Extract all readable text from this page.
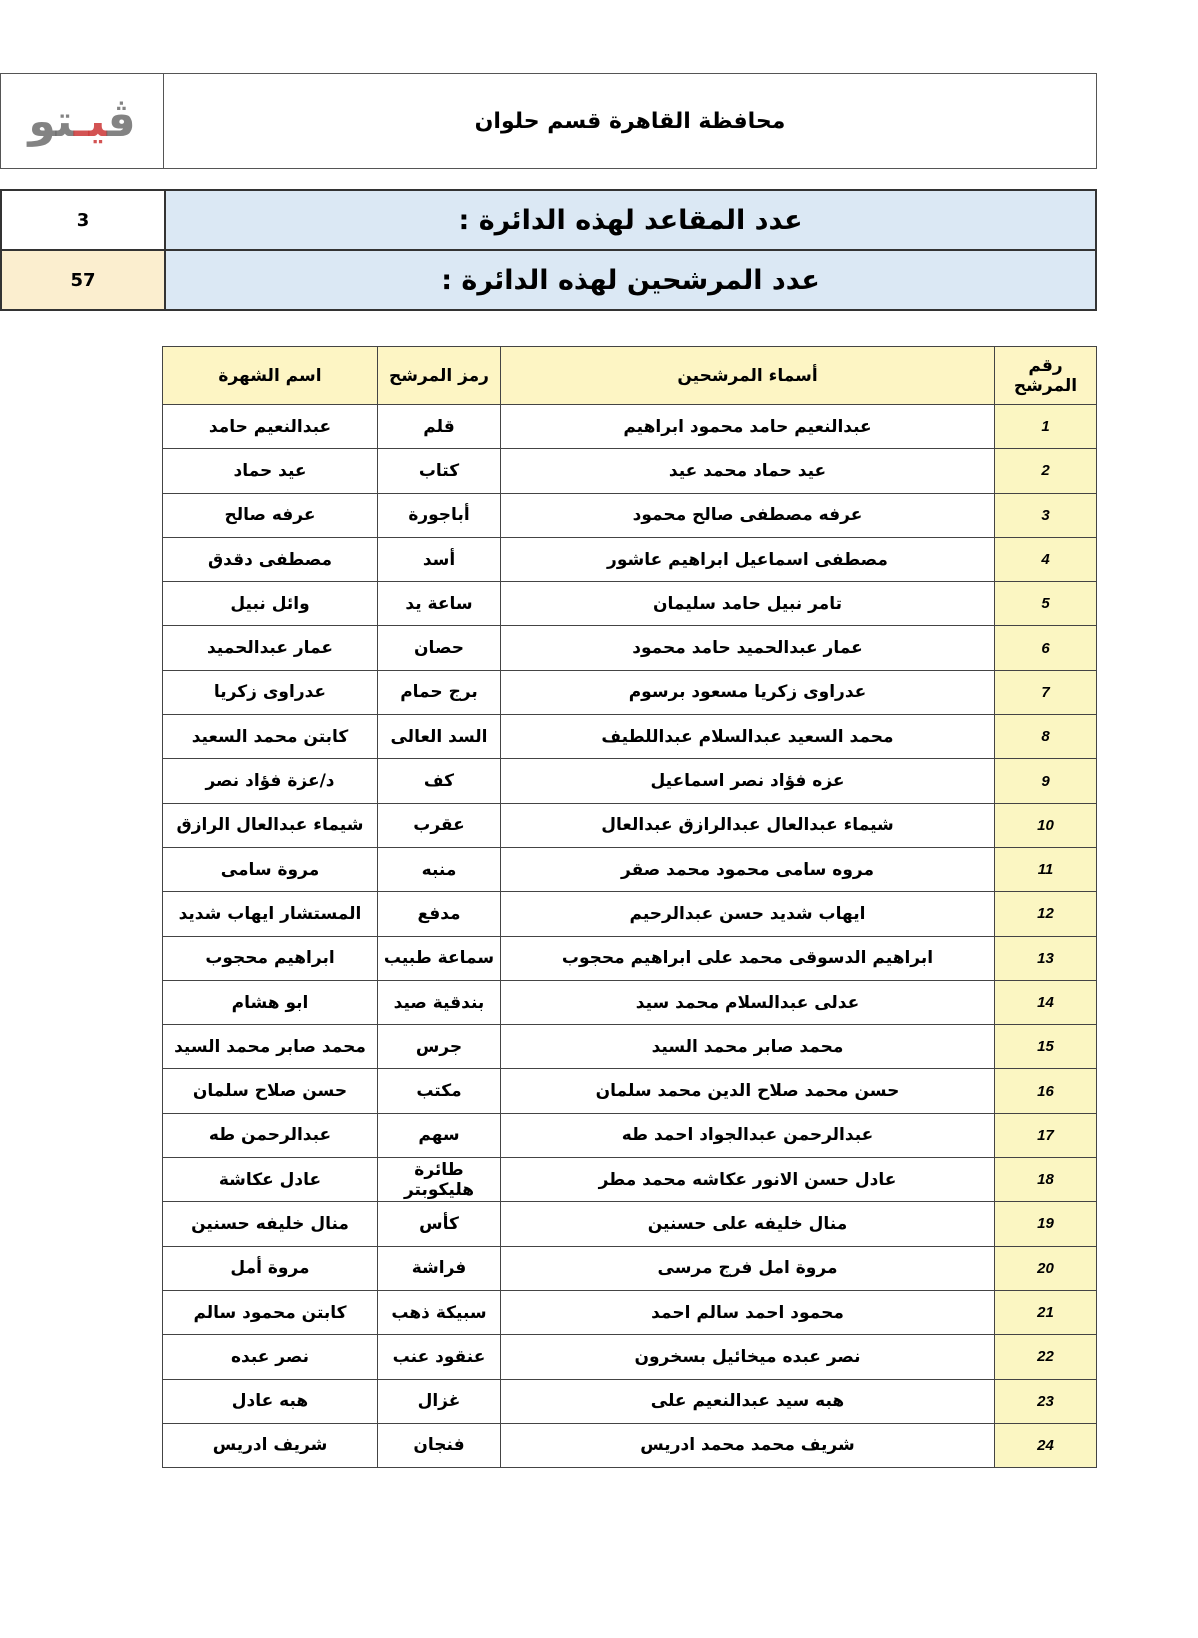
ڤيـتو	محافظة القاهرة قسم حلوان
3	عدد المقاعد لهذه الدائرة :
57	عدد المرشحين لهذه الدائرة :
اسم الشهرة	رمز المرشح	أسماء المرشحين	رقم المرشح
عبدالنعيم حامد	قلم	عبدالنعيم حامد محمود ابراهيم	1
عيد حماد	كتاب	عيد حماد محمد عيد	2
عرفه صالح	أباجورة	عرفه مصطفى صالح محمود	3
مصطفى دقدق	أسد	مصطفى اسماعيل ابراهيم عاشور	4
وائل نبيل	ساعة يد	تامر نبيل حامد سليمان	5
عمار عبدالحميد	حصان	عمار عبدالحميد حامد محمود	6
عدراوى زكريا	برج حمام	عدراوى زكريا مسعود برسوم	7
كابتن محمد السعيد	السد العالى	محمد السعيد عبدالسلام عبداللطيف	8
د/عزة فؤاد نصر	كف	عزه فؤاد نصر اسماعيل	9
شيماء عبدالعال الرازق	عقرب	شيماء عبدالعال عبدالرازق عبدالعال	10
مروة سامى	منبه	مروه سامى محمود محمد صقر	11
المستشار ايهاب شديد	مدفع	ايهاب شديد حسن عبدالرحيم	12
ابراهيم محجوب	سماعة طبيب	ابراهيم الدسوقى محمد على ابراهيم محجوب	13
ابو هشام	بندقية صيد	عدلى عبدالسلام محمد سيد	14
محمد صابر محمد السيد	جرس	محمد صابر محمد السيد	15
حسن صلاح سلمان	مكتب	حسن محمد صلاح الدين محمد سلمان	16
عبدالرحمن طه	سهم	عبدالرحمن عبدالجواد احمد طه	17
عادل عكاشة	طائرة هليكوبتر	عادل حسن الانور عكاشه محمد مطر	18
منال خليفه حسنين	كأس	منال خليفه على حسنين	19
مروة أمل	فراشة	مروة امل فرج مرسى	20
كابتن محمود سالم	سبيكة ذهب	محمود احمد سالم احمد	21
نصر عبده	عنقود عنب	نصر عبده ميخائيل بسخرون	22
هبه عادل	غزال	هبه سيد عبدالنعيم على	23
شريف ادريس	فنجان	شريف محمد محمد ادريس	24
